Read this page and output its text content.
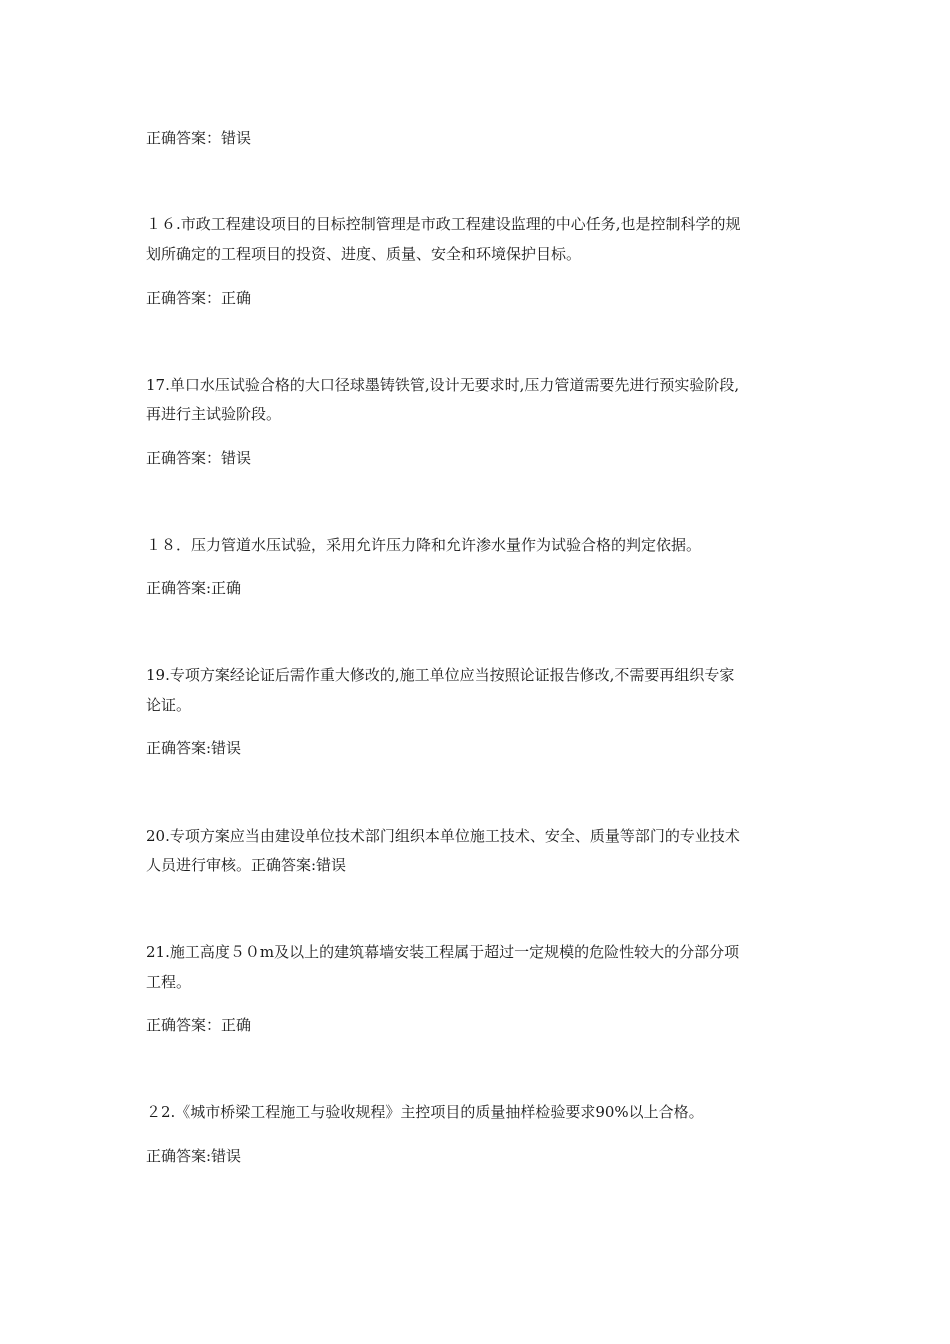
正确答案：错误
１６.市政工程建设项目的目标控制管理是市政工程建设监理的中心任务,也是控制科学的规
划所确定的工程项目的投资、进度、质量、安全和环境保护目标。
正确答案：正确
17.单口水压试验合格的大口径球墨铸铁管,设计无要求时,压力管道需要先进行预实验阶段,
再进行主试验阶段。
正确答案：错误
１８．压力管道水压试验，采用允许压力降和允许渗水量作为试验合格的判定依据。
正确答案:正确
19.专项方案经论证后需作重大修改的,施工单位应当按照论证报告修改,不需要再组织专家
论证。
正确答案:错误
20.专项方案应当由建设单位技术部门组织本单位施工技术、安全、质量等部门的专业技术
人员进行审核。正确答案:错误
21.施工高度５０m及以上的建筑幕墙安装工程属于超过一定规模的危险性较大的分部分项
工程。
正确答案：正确
２2.《城市桥梁工程施工与验收规程》主控项目的质量抽样检验要求90%以上合格。
正确答案:错误
